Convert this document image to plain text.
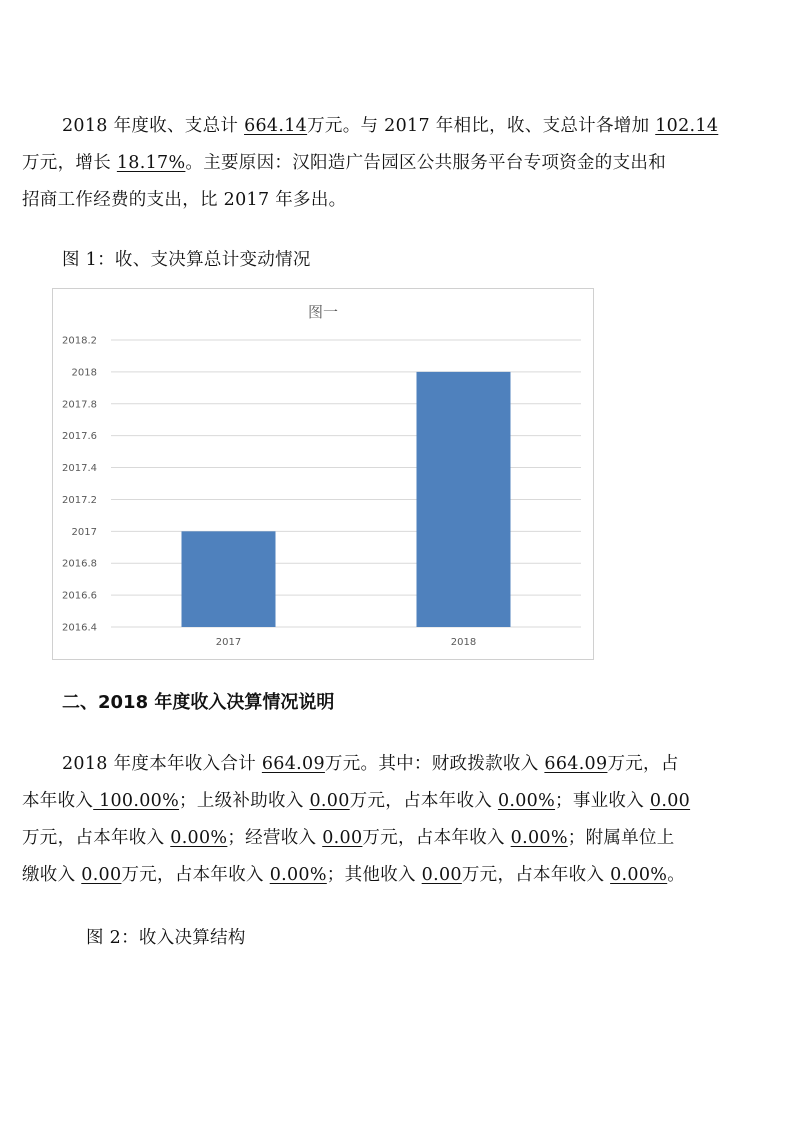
2018 年度收、支总计 664.14万元。与 2017 年相比，收、支总计各增加 102.14
万元，增长 18.17%。主要原因：汉阳造广告园区公共服务平台专项资金的支出和
招商工作经费的支出，比 2017 年多出。
图 1：收、支决算总计变动情况
图一
2018.2
2018
2017.8
2017.6
2017.4
2017.2
2017
2016.8
2016.6
2016.4
2017	2018
二、2018 年度收入决算情况说明
2018 年度本年收入合计 664.09万元。其中：财政拨款收入 664.09万元，占
本年收入 100.00%；上级补助收入 0.00万元，占本年收入 0.00%；事业收入 0.00
万元，占本年收入 0.00%；经营收入 0.00万元，占本年收入 0.00%；附属单位上
缴收入 0.00万元，占本年收入 0.00%；其他收入 0.00万元，占本年收入 0.00%。
图 2：收入决算结构
